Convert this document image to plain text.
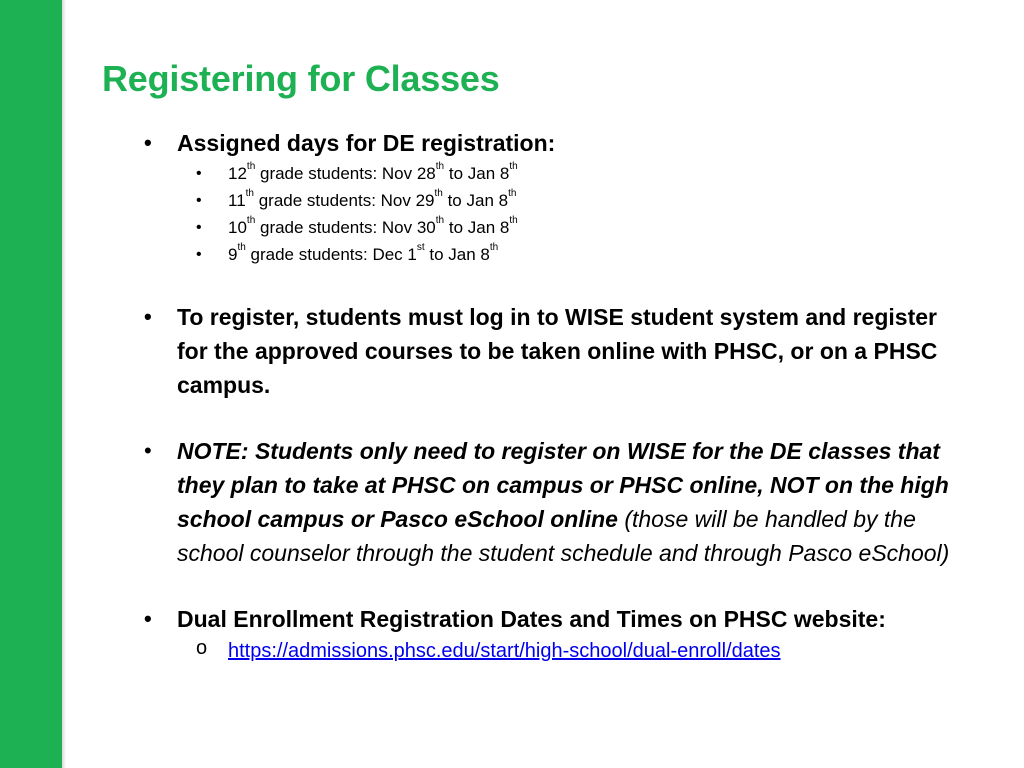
Registering for Classes
• Assigned days for DE registration:
• 12th grade students: Nov 28th to Jan 8th
• 11th grade students: Nov 29th to Jan 8th
• 10th grade students: Nov 30th to Jan 8th
• 9th grade students: Dec 1st to Jan 8th
• To register, students must log in to WISE student system and register for the approved courses to be taken online with PHSC, or on a PHSC campus.
• NOTE: Students only need to register on WISE for the DE classes that they plan to take at PHSC on campus or PHSC online, NOT on the high school campus or Pasco eSchool online (those will be handled by the school counselor through the student schedule and through Pasco eSchool)
• Dual Enrollment Registration Dates and Times on PHSC website:
o https://admissions.phsc.edu/start/high-school/dual-enroll/dates
